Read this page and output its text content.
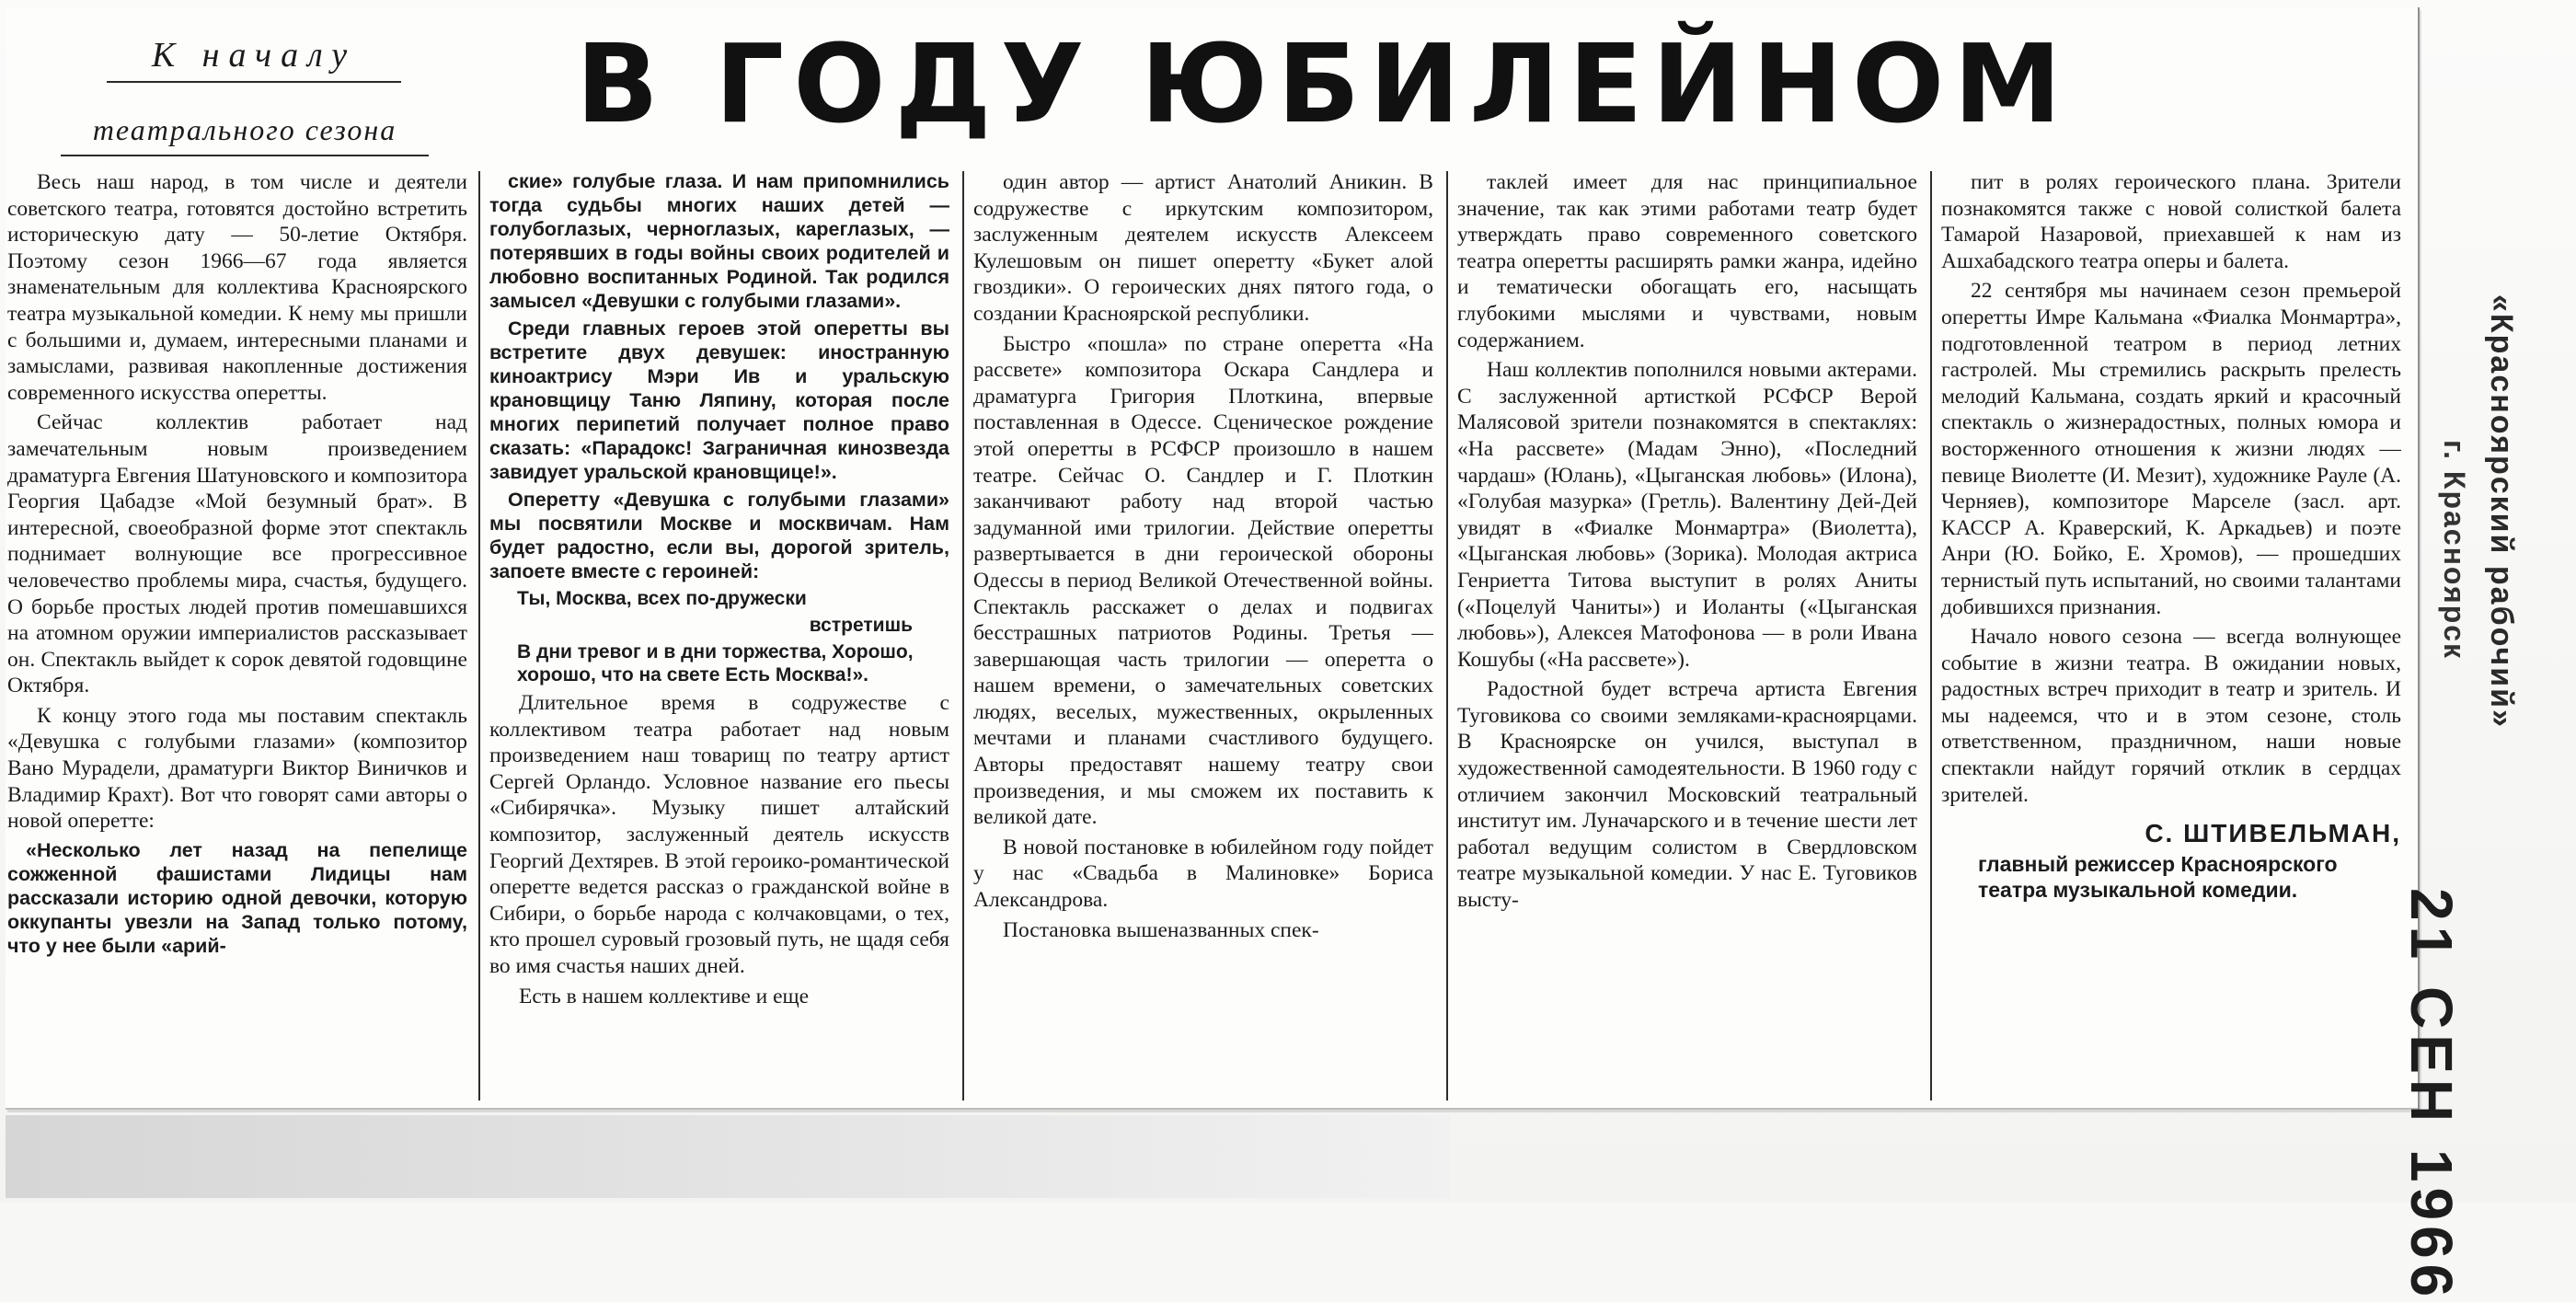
К началу
театрального сезона	В ГОДУ ЮБИЛЕЙНОМ

Весь наш народ, в том числе и деятели советского театра, готовятся достойно встретить историческую дату — 50-летие Октября. Поэтому сезон 1966—67 года является знаменательным для коллектива Красноярского театра музыкальной комедии. К нему мы пришли с большими и, думаем, интересными планами и замыслами, развивая накопленные достижения современного искусства оперетты.

Сейчас коллектив работает над замечательным новым произведением драматурга Евгения Шатуновского и композитора Георгия Цабадзе «Мой безумный брат». В интересной, своеобразной форме этот спектакль поднимает волнующие все прогрессивное человечество проблемы мира, счастья, будущего. О борьбе простых людей против помешавшихся на атомном оружии империалистов рассказывает он. Спектакль выйдет к сорок девятой годовщине Октября.

К концу этого года мы поставим спектакль «Девушка с голубыми глазами» (композитор Вано Мурадели, драматурги Виктор Виничков и Владимир Крахт). Вот что говорят сами авторы о новой оперетте:

«Несколько лет назад на пепелище сожженной фашистами Лидицы нам рассказали историю одной девочки, которую оккупанты увезли на Запад только потому, что у нее были «арий-

ские» голубые глаза. И нам припомнились тогда судьбы многих наших детей — голубоглазых, черноглазых, кареглазых, — потерявших в годы войны своих родителей и любовно воспитанных Родиной. Так родился замысел «Девушки с голубыми глазами».

Среди главных героев этой оперетты вы встретите двух девушек: иностранную киноактрису Мэри Ив и уральскую крановщицу Таню Ляпину, которая после многих перипетий получает полное право сказать: «Парадокс! Заграничная кинозвезда завидует уральской крановщице!».

Оперетту «Девушка с голубыми глазами» мы посвятили Москве и москвичам. Нам будет радостно, если вы, дорогой зритель, запоете вместе с героиней:

Ты, Москва, всех по-дружески

встретишь

В дни тревог и в дни торжества, Хорошо, хорошо, что на свете Есть Москва!».

Длительное время в содружестве с коллективом театра работает над новым произведением наш товарищ по театру артист Сергей Орландо. Условное название его пьесы «Сибирячка». Музыку пишет алтайский композитор, заслуженный деятель искусств Георгий Дехтярев. В этой героико-романтической оперетте ведется рассказ о гражданской войне в Сибири, о борьбе народа с колчаковцами, о тех, кто прошел суровый грозовый путь, не щадя себя во имя счастья наших дней.

Есть в нашем коллективе и еще

один автор — артист Анатолий Аникин. В содружестве с иркутским композитором, заслуженным деятелем искусств Алексеем Кулешовым он пишет оперетту «Букет алой гвоздики». О героических днях пятого года, о создании Красноярской республики.

Быстро «пошла» по стране оперетта «На рассвете» композитора Оскара Сандлера и драматурга Григория Плоткина, впервые поставленная в Одессе. Сценическое рождение этой оперетты в РСФСР произошло в нашем театре. Сейчас О. Сандлер и Г. Плоткин заканчивают работу над второй частью задуманной ими трилогии. Действие оперетты развертывается в дни героической обороны Одессы в период Великой Отечественной войны. Спектакль расскажет о делах и подвигах бесстрашных патриотов Родины. Третья — завершающая часть трилогии — оперетта о нашем времени, о замечательных советских людях, веселых, мужественных, окрыленных мечтами и планами счастливого будущего. Авторы предоставят нашему театру свои произведения, и мы сможем их поставить к великой дате.

В новой постановке в юбилейном году пойдет у нас «Свадьба в Малиновке» Бориса Александрова.

Постановка вышеназванных спек-

таклей имеет для нас принципиальное значение, так как этими работами театр будет утверждать право современного советского театра оперетты расширять рамки жанра, идейно и тематически обогащать его, насыщать глубокими мыслями и чувствами, новым содержанием.

Наш коллектив пополнился новыми актерами. С заслуженной артисткой РСФСР Верой Малясовой зрители познакомятся в спектаклях: «На рассвете» (Мадам Энно), «Последний чардаш» (Юлань), «Цыганская любовь» (Илона), «Голубая мазурка» (Гретль). Валентину Дей-Дей увидят в «Фиалке Монмартра» (Виолетта), «Цыганская любовь» (Зорика). Молодая актриса Генриетта Титова выступит в ролях Аниты («Поцелуй Чаниты») и Иоланты («Цыганская любовь»), Алексея Матофонова — в роли Ивана Кошубы («На рассвете»).

Радостной будет встреча артиста Евгения Туговикова со своими земляками-красноярцами. В Красноярске он учился, выступал в художественной самодеятельности. В 1960 году с отличием закончил Московский театральный институт им. Луначарского и в течение шести лет работал ведущим солистом в Свердловском театре музыкальной комедии. У нас Е. Туговиков высту-

пит в ролях героического плана. Зрители познакомятся также с новой солисткой балета Тамарой Назаровой, приехавшей к нам из Ашхабадского театра оперы и балета.

22 сентября мы начинаем сезон премьерой оперетты Имре Кальмана «Фиалка Монмартра», подготовленной театром в период летних гастролей. Мы стремились раскрыть прелесть мелодий Кальмана, создать яркий и красочный спектакль о жизнерадостных, полных юмора и восторженного отношения к жизни людях — певице Виолетте (И. Мезит), художнике Рауле (А. Черняев), композиторе Марселе (засл. арт. КАССР А. Кравeрский, К. Аркадьев) и поэте Анри (Ю. Бойко, Е. Хромов), — прошедших тернистый путь испытаний, но своими талантами добившихся признания.

Начало нового сезона — всегда волнующее событие в жизни театра. В ожидании новых, радостных встреч приходит в театр и зритель. И мы надеемся, что и в этом сезоне, столь ответственном, праздничном, наши новые спектакли найдут горячий отклик в сердцах зрителей.

С. ШТИВЕЛЬМАН,

главный режиссер Красноярского театра музыкальной комедии.

«Красноярский рабочий»
г. Красноярск
21 СЕН 1966
